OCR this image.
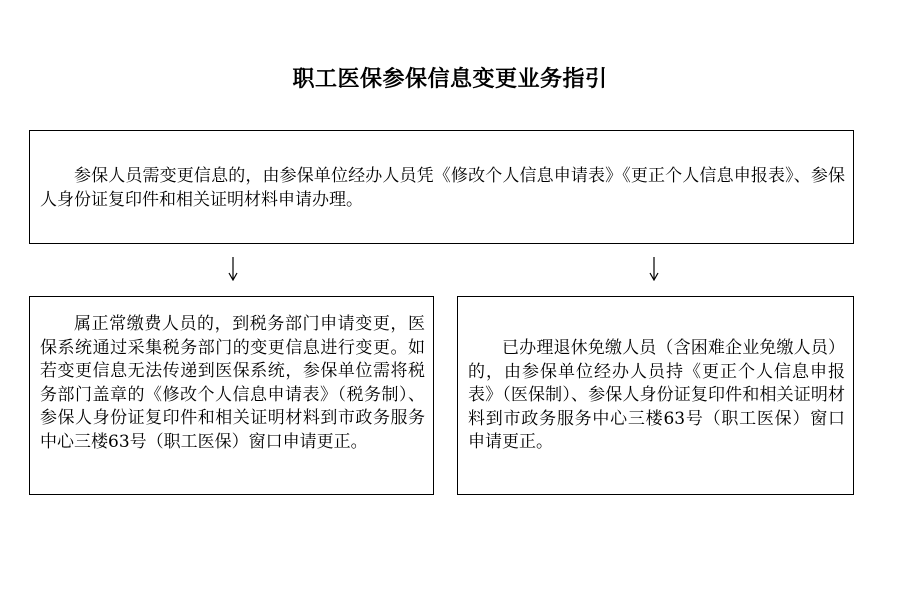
职工医保参保信息变更业务指引
参保人员需变更信息的，由参保单位经办人员凭《修改个人信息申请表》《更正个人信息申报表》、参保人身份证复印件和相关证明材料申请办理。
属正常缴费人员的，到税务部门申请变更，医保系统通过采集税务部门的变更信息进行变更。如若变更信息无法传递到医保系统，参保单位需将税务部门盖章的《修改个人信息申请表》（税务制）、参保人身份证复印件和相关证明材料到市政务服务中心三楼63号（职工医保）窗口申请更正。
已办理退休免缴人员（含困难企业免缴人员）的，由参保单位经办人员持《更正个人信息申报表》（医保制）、参保人身份证复印件和相关证明材料到市政务服务中心三楼63号（职工医保）窗口申请更正。
